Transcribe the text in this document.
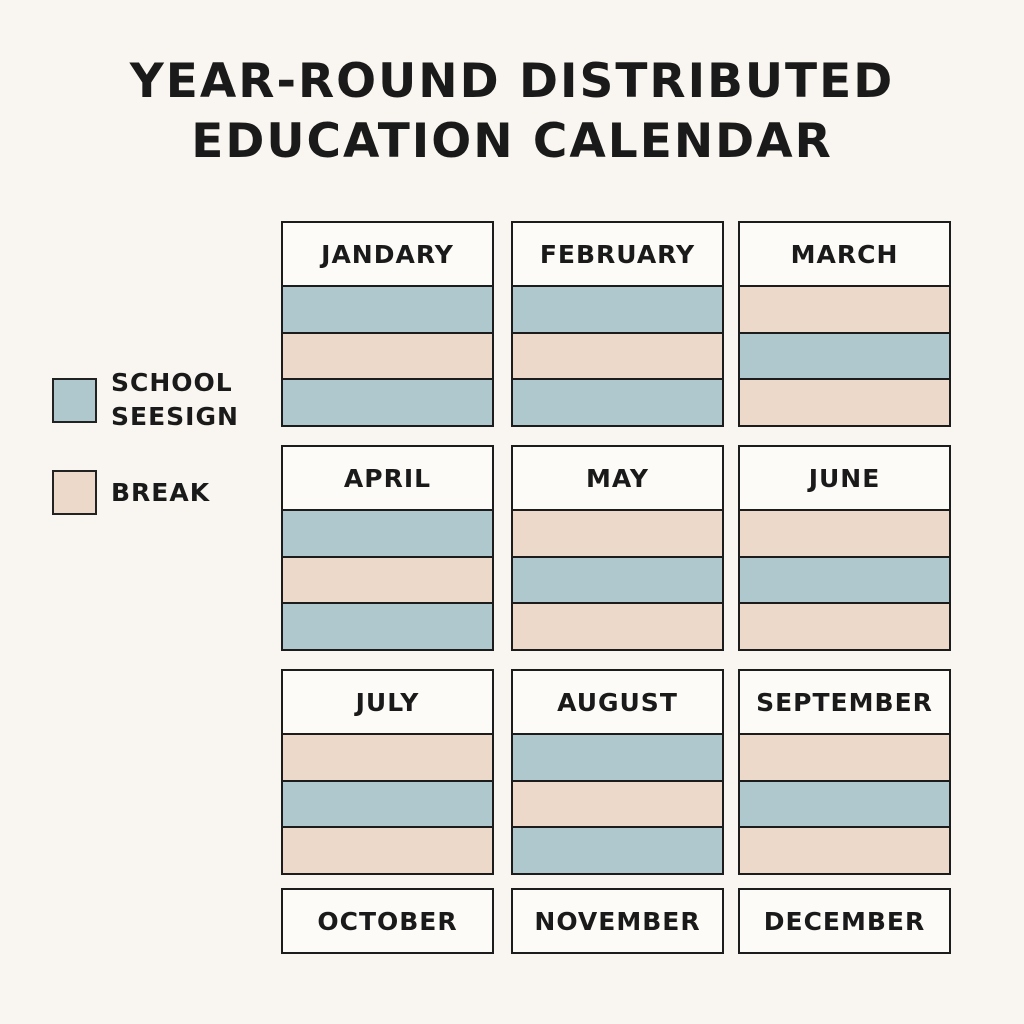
YEAR-ROUND DISTRIBUTED
EDUCATION CALENDAR
SCHOOL
SEESIGN
BREAK
JANDARY	FEBRUARY	MARCH
APRIL	MAY	JUNE
JULY	AUGUST	SEPTEMBER
OCTOBER	NOVEMBER	DECEMBER
